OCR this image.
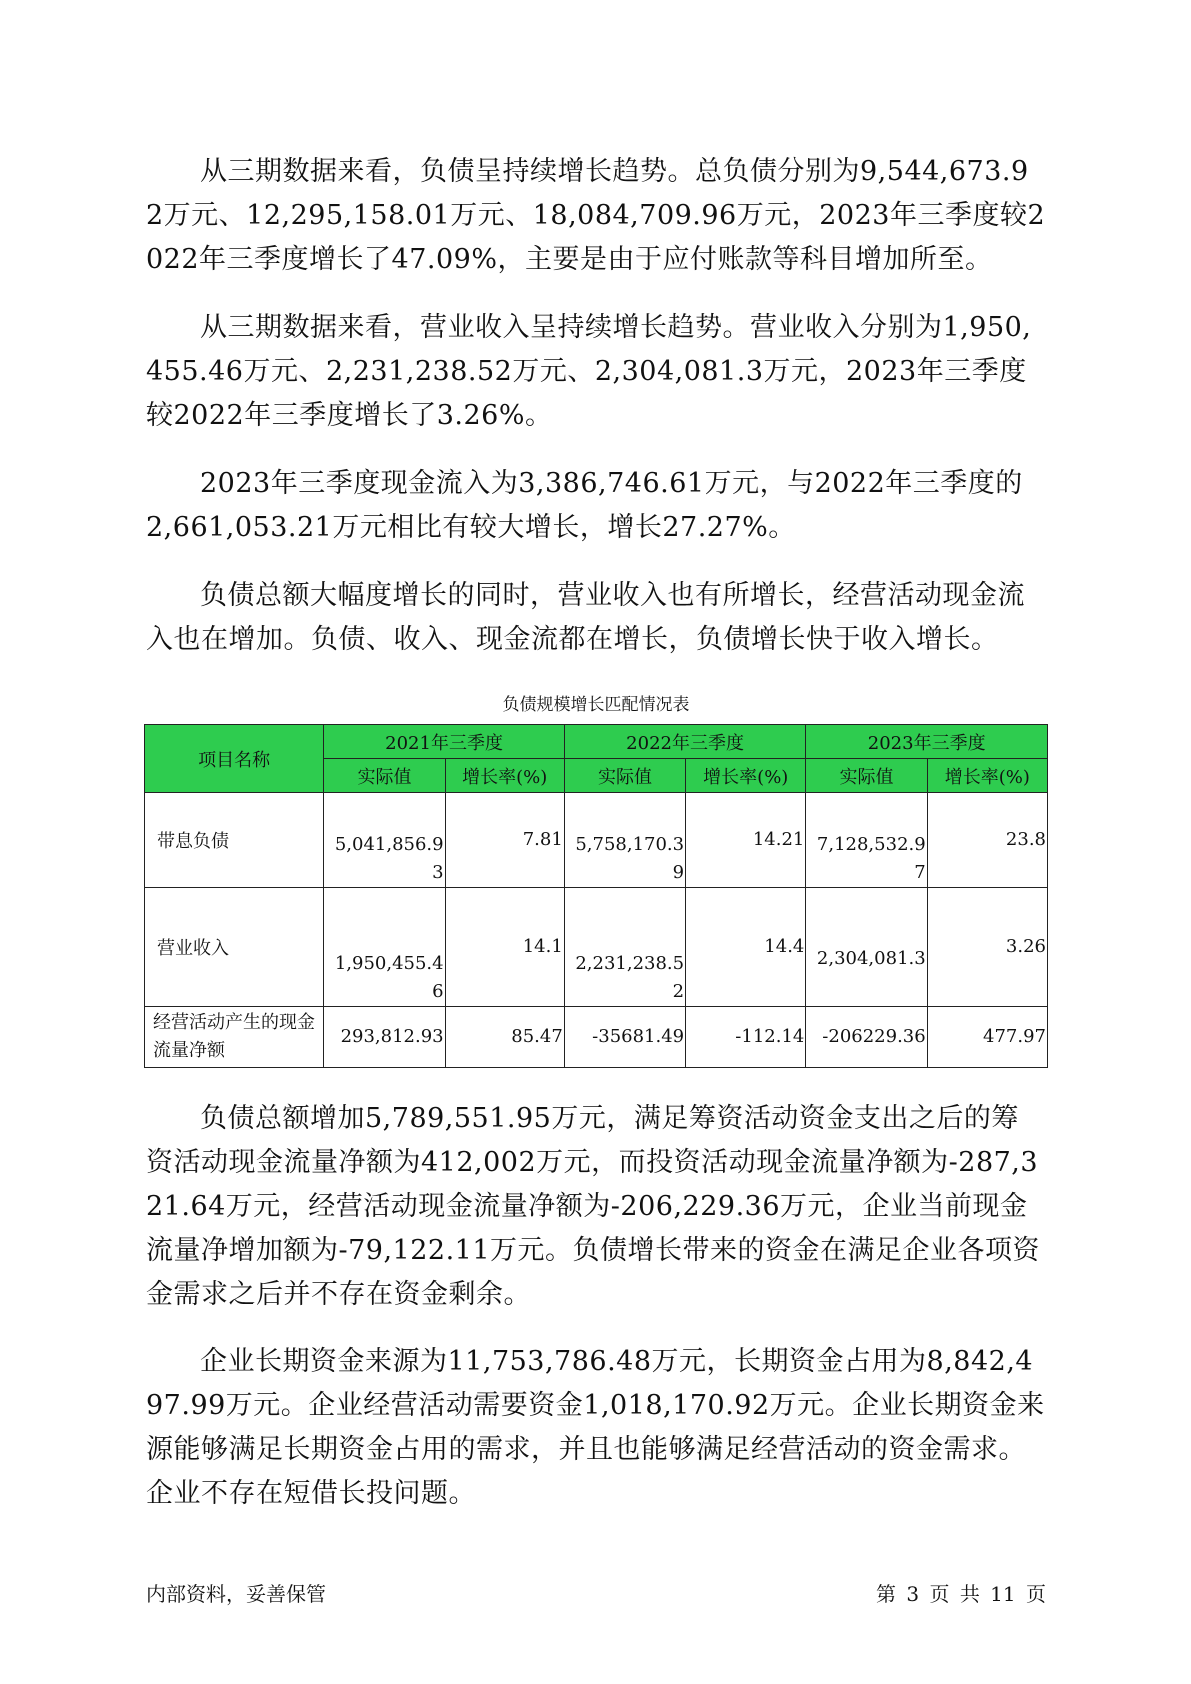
从三期数据来看，负债呈持续增长趋势。总负债分别为9,544,673.92万元、12,295,158.01万元、18,084,709.96万元，2023年三季度较2022年三季度增长了47.09%，主要是由于应付账款等科目增加所至。

从三期数据来看，营业收入呈持续增长趋势。营业收入分别为1,950,455.46万元、2,231,238.52万元、2,304,081.3万元，2023年三季度较2022年三季度增长了3.26%。

2023年三季度现金流入为3,386,746.61万元，与2022年三季度的2,661,053.21万元相比有较大增长，增长27.27%。

负债总额大幅度增长的同时，营业收入也有所增长，经营活动现金流入也在增加。负债、收入、现金流都在增长，负债增长快于收入增长。

负债规模增长匹配情况表
项目名称	2021年三季度		2022年三季度		2023年三季度	
	实际值	增长率(%)	实际值	增长率(%)	实际值	增长率(%)
带息负债	5,041,856.93	7.81	5,758,170.39	14.21	7,128,532.97	23.8
营业收入	1,950,455.46	14.1	2,231,238.52	14.4	2,304,081.3	3.26
经营活动产生的现金流量净额	293,812.93	85.47	-35681.49	-112.14	-206229.36	477.97

负债总额增加5,789,551.95万元，满足筹资活动资金支出之后的筹资活动现金流量净额为412,002万元，而投资活动现金流量净额为-287,321.64万元，经营活动现金流量净额为-206,229.36万元，企业当前现金流量净增加额为-79,122.11万元。负债增长带来的资金在满足企业各项资金需求之后并不存在资金剩余。

企业长期资金来源为11,753,786.48万元，长期资金占用为8,842,497.99万元。企业经营活动需要资金1,018,170.92万元。企业长期资金来源能够满足长期资金占用的需求，并且也能够满足经营活动的资金需求。企业不存在短借长投问题。

内部资料，妥善保管	第 3 页 共 11 页
